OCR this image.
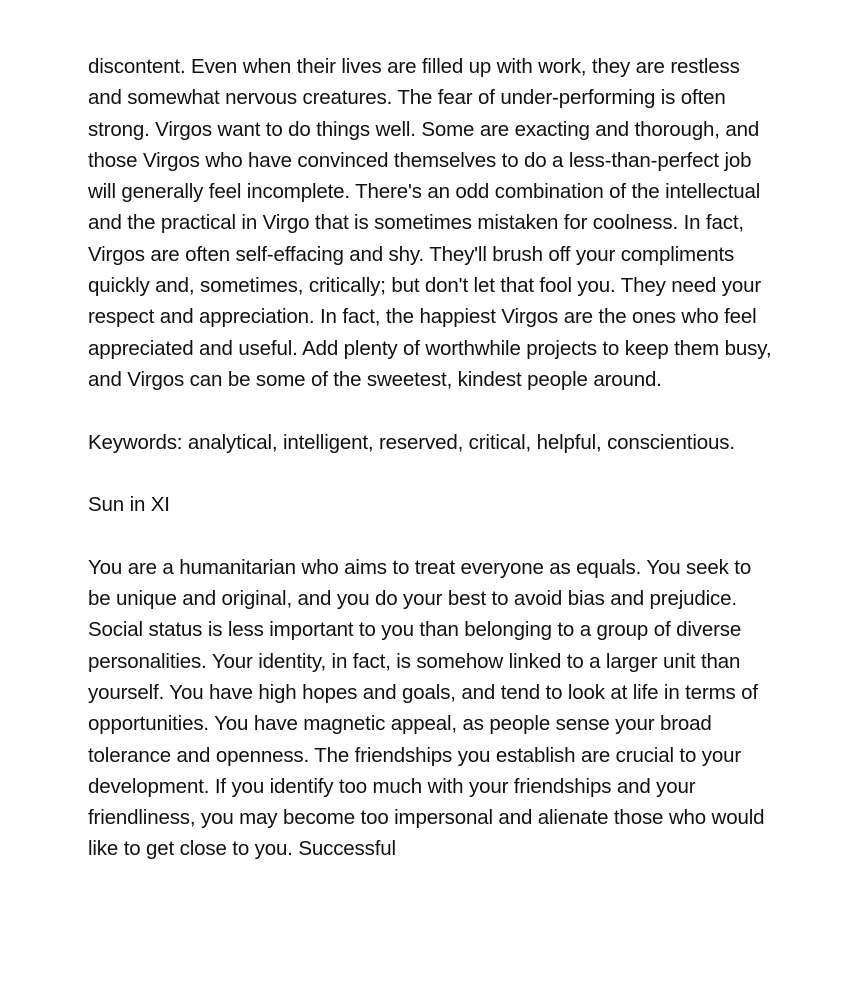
discontent. Even when their lives are filled up with work, they are restless and somewhat nervous creatures. The fear of under-performing is often strong. Virgos want to do things well. Some are exacting and thorough, and those Virgos who have convinced themselves to do a less-than-perfect job will generally feel incomplete. There's an odd combination of the intellectual and the practical in Virgo that is sometimes mistaken for coolness. In fact, Virgos are often self-effacing and shy. They'll brush off your compliments quickly and, sometimes, critically; but don't let that fool you. They need your respect and appreciation. In fact, the happiest Virgos are the ones who feel appreciated and useful. Add plenty of worthwhile projects to keep them busy, and Virgos can be some of the sweetest, kindest people around.

Keywords: analytical, intelligent, reserved, critical, helpful, conscientious.

Sun in XI

You are a humanitarian who aims to treat everyone as equals. You seek to be unique and original, and you do your best to avoid bias and prejudice. Social status is less important to you than belonging to a group of diverse personalities. Your identity, in fact, is somehow linked to a larger unit than yourself. You have high hopes and goals, and tend to look at life in terms of opportunities. You have magnetic appeal, as people sense your broad tolerance and openness. The friendships you establish are crucial to your development. If you identify too much with your friendships and your friendliness, you may become too impersonal and alienate those who would like to get close to you. Successful
